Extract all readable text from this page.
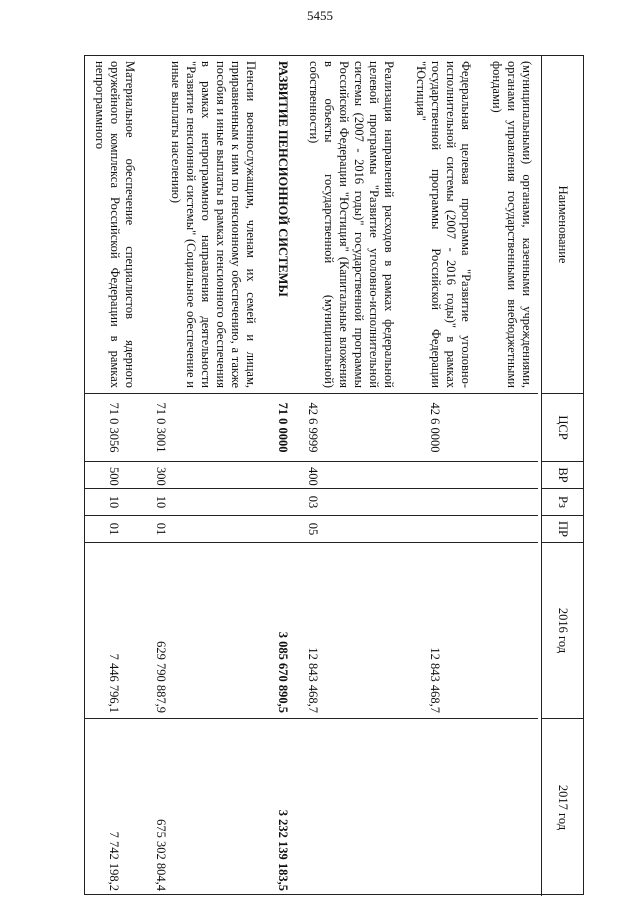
5455
Наименование
ЦСР
ВР
Рз
ПР
2016 год
2017 год
(муниципальными) органами, казенными учреждениями, органами управления государственными внебюджетными фондами)
Федеральная целевая программа "Развитие уголовно-исполнительной системы (2007 - 2016 годы)" в рамках государственной программы Российской Федерации "Юстиция"
42 6 0000
12 843 468,7
Реализация направлений расходов в рамках федеральной целевой программы "Развитие уголовно-исполнительной системы (2007 - 2016 годы)" государственной программы Российской Федерации "Юстиция" (Капитальные вложения в объекты государственной (муниципальной) собственности)
42 6 9999
400
03
05
12 843 468,7
РАЗВИТИЕ ПЕНСИОННОЙ СИСТЕМЫ
71 0 0000
3 085 670 890,5
3 232 139 183,5
Пенсии военнослужащим, членам их семей и лицам, приравненным к ним по пенсионному обеспечению, а также пособия и иные выплаты в рамках пенсионного обеспечения в рамках непрограммного направления деятельности "Развитие пенсионной системы" (Социальное обеспечение и иные выплаты населению)
71 0 3001
300
10
01
629 790 887,9
675 302 804,4
Материальное обеспечение специалистов ядерного оружейного комплекса Российской Федерации в рамках непрограммного
71 0 3056
500
10
01
7 446 796,1
7 742 198,2
